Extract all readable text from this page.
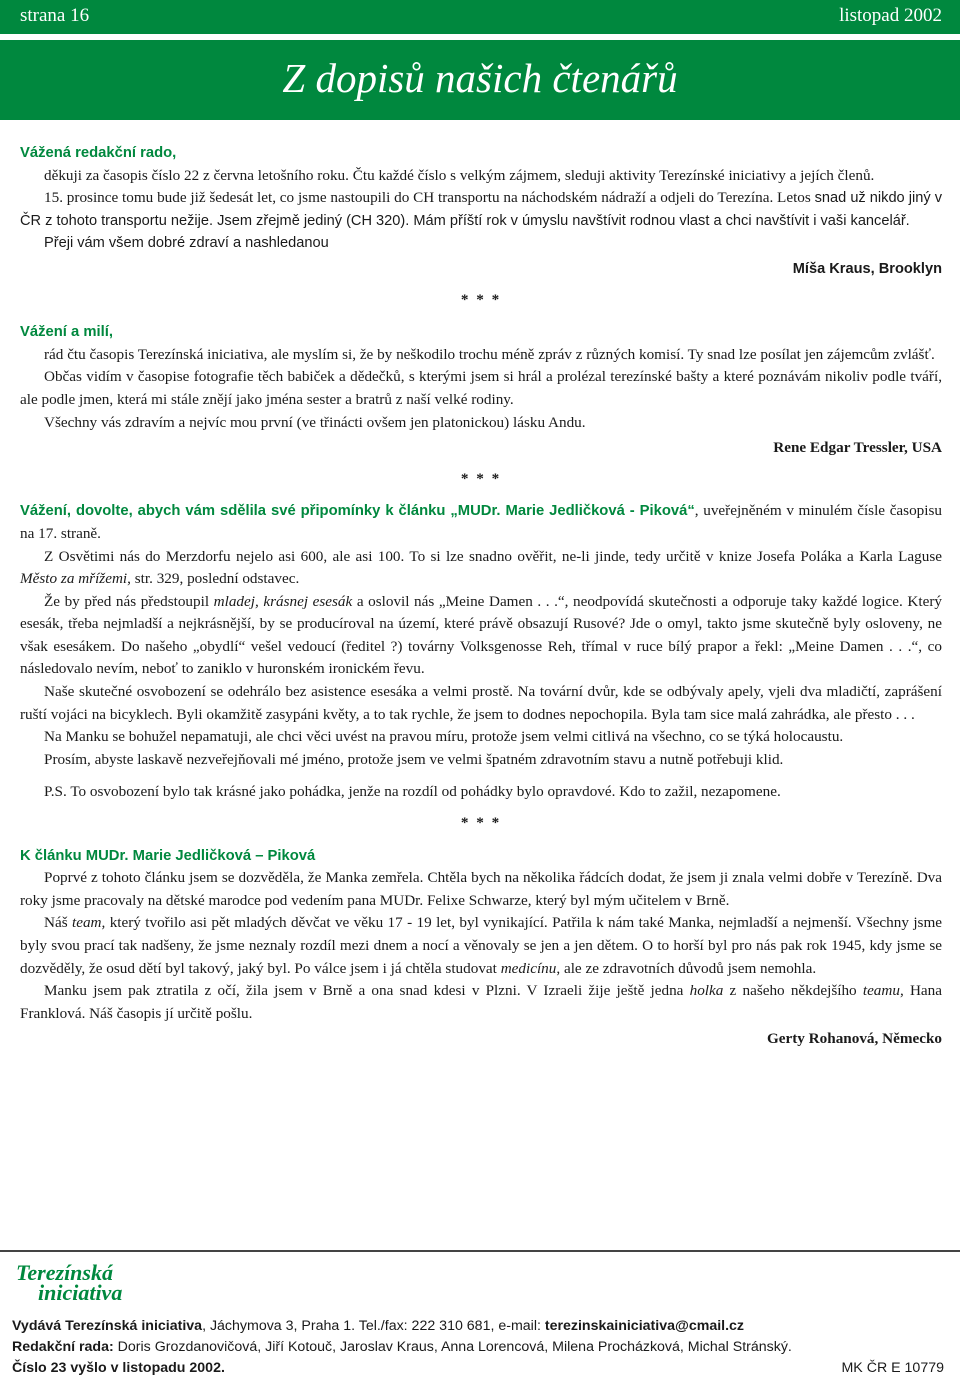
strana 16	listopad 2002
Z dopisů našich čtenářů

Vážená redakční rado,

děkuji za časopis číslo 22 z června letošního roku. Čtu každé číslo s velkým zájmem, sleduji aktivity Terezínské iniciativy a jejích členů.

15. prosince tomu bude již šedesát let, co jsme nastoupili do CH transportu na náchodském nádraží a odjeli do Terezína. Letos snad už nikdo jiný v ČR z tohoto transportu nežije. Jsem zřejmě jediný (CH 320). Mám příští rok v úmyslu navštívit rodnou vlast a chci navštívit i vaši kancelář.

Přeji vám všem dobré zdraví a nashledanou

Míša Kraus, Brooklyn

* * *

Vážení a milí,

rád čtu časopis Terezínská iniciativa, ale myslím si, že by neškodilo trochu méně zpráv z různých komisí. Ty snad lze posílat jen zájemcům zvlášť.

Občas vidím v časopise fotografie těch babiček a dědečků, s kterými jsem si hrál a prolézal terezínské bašty a které poznávám nikoliv podle tváří, ale podle jmen, která mi stále znějí jako jména sester a bratrů z naší velké rodiny.

Všechny vás zdravím a nejvíc mou první (ve třinácti ovšem jen platonickou) lásku Andu.

Rene Edgar Tressler, USA

* * *

Vážení, dovolte, abych vám sdělila své připomínky k článku „MUDr. Marie Jedličková - Piková“, uveřejněném v minulém čísle časopisu na 17. straně.

Z Osvětimi nás do Merzdorfu nejelo asi 600, ale asi 100. To si lze snadno ověřit, ne-li jinde, tedy určitě v knize Josefa Poláka a Karla Laguse Město za mřížemi, str. 329, poslední odstavec.

Že by před nás předstoupil mladej, krásnej esesák a oslovil nás „Meine Damen . . .“, neodpovídá skutečnosti a odporuje taky každé logice. Který esesák, třeba nejmladší a nejkrásnější, by se producíroval na území, které právě obsazují Rusové? Jde o omyl, takto jsme skutečně byly osloveny, ne však esesákem. Do našeho „obydlí“ vešel vedoucí (ředitel ?) továrny Volksgenosse Reh, třímal v ruce bílý prapor a řekl: „Meine Damen . . .“, co následovalo nevím, neboť to zaniklo v huronském ironickém řevu.

Naše skutečné osvobození se odehrálo bez asistence esesáka a velmi prostě. Na tovární dvůr, kde se odbývaly apely, vjeli dva mladičtí, zaprášení ruští vojáci na bicyklech. Byli okamžitě zasypáni květy, a to tak rychle, že jsem to dodnes nepochopila. Byla tam sice malá zahrádka, ale přesto . . .

Na Manku se bohužel nepamatuji, ale chci věci uvést na pravou míru, protože jsem velmi citlivá na všechno, co se týká holocaustu.

Prosím, abyste laskavě nezveřejňovali mé jméno, protože jsem ve velmi špatném zdravotním stavu a nutně potřebuji klid.

P.S. To osvobození bylo tak krásné jako pohádka, jenže na rozdíl od pohádky bylo opravdové. Kdo to zažil, nezapomene.

* * *

K článku MUDr. Marie Jedličková – Piková

Poprvé z tohoto článku jsem se dozvěděla, že Manka zemřela. Chtěla bych na několika řádcích dodat, že jsem ji znala velmi dobře v Terezíně. Dva roky jsme pracovaly na dětské marodce pod vedením pana MUDr. Felixe Schwarze, který byl mým učitelem v Brně.

Náš team, který tvořilo asi pět mladých děvčat ve věku 17 - 19 let, byl vynikající. Patřila k nám také Manka, nejmladší a nejmenší. Všechny jsme byly svou prací tak nadšeny, že jsme neznaly rozdíl mezi dnem a nocí a věnovaly se jen a jen dětem. O to horší byl pro nás pak rok 1945, kdy jsme se dozvěděly, že osud dětí byl takový, jaký byl. Po válce jsem i já chtěla studovat medicínu, ale ze zdravotních důvodů jsem nemohla.

Manku jsem pak ztratila z očí, žila jsem v Brně a ona snad kdesi v Plzni. V Izraeli žije ještě jedna holka z našeho někdejšího teamu, Hana Franklová. Náš časopis jí určitě pošlu.

Gerty Rohanová, Německo

Terezínská
iniciativa
Vydává Terezínská iniciativa, Jáchymova 3, Praha 1. Tel./fax: 222 310 681, e-mail: terezinskainiciativa@cmail.cz
Redakční rada: Doris Grozdanovičová, Jiří Kotouč, Jaroslav Kraus, Anna Lorencová, Milena Procházková, Michal Stránský.
Číslo 23 vyšlo v listopadu 2002.	MK ČR E 10779
